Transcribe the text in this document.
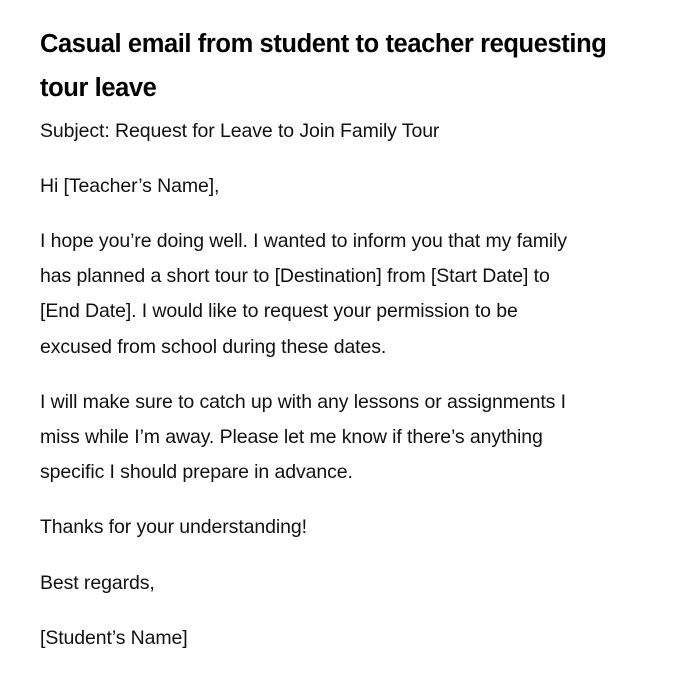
Casual email from student to teacher requesting
tour leave
Subject: Request for Leave to Join Family Tour
Hi [Teacher’s Name],
I hope you’re doing well. I wanted to inform you that my family
has planned a short tour to [Destination] from [Start Date] to
[End Date]. I would like to request your permission to be
excused from school during these dates.
I will make sure to catch up with any lessons or assignments I
miss while I’m away. Please let me know if there’s anything
specific I should prepare in advance.
Thanks for your understanding!
Best regards,
[Student’s Name]
